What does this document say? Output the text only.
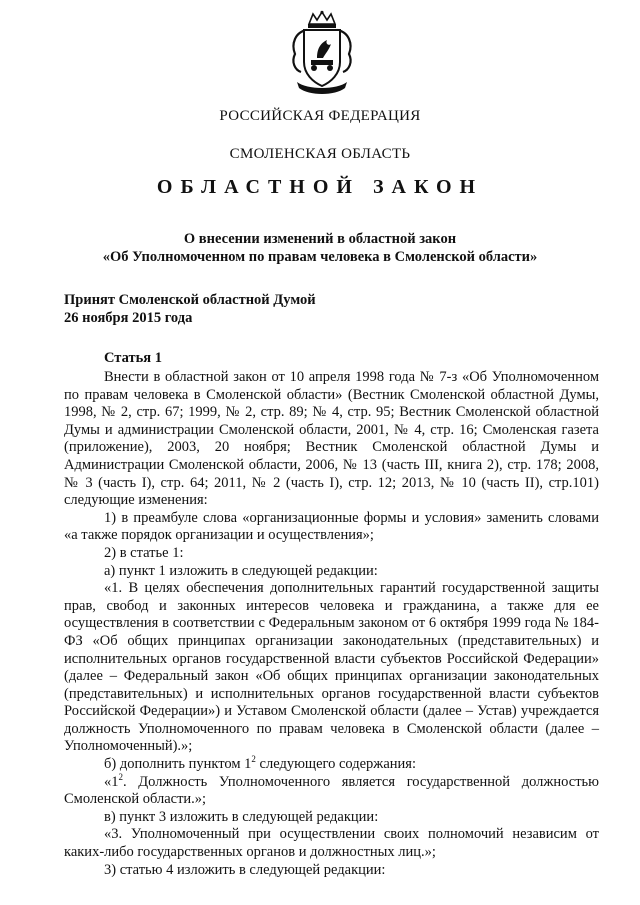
РОССИЙСКАЯ ФЕДЕРАЦИЯ
СМОЛЕНСКАЯ ОБЛАСТЬ
ОБЛАСТНОЙ ЗАКОН
О внесении изменений в областной закон
«Об Уполномоченном по правам человека в Смоленской области»
Принят Смоленской областной Думой
26 ноября 2015 года
Статья 1

Внести в областной закон от 10 апреля 1998 года № 7-з «Об Уполномоченном по правам человека в Смоленской области» (Вестник Смоленской областной Думы, 1998, № 2, стр. 67; 1999, № 2, стр. 89; № 4, стр. 95; Вестник Смоленской областной Думы и администрации Смоленской области, 2001, № 4, стр. 16; Смоленская газета (приложение), 2003, 20 ноября; Вестник Смоленской областной Думы и Администрации Смоленской области, 2006, № 13 (часть III, книга 2), стр. 178; 2008, № 3 (часть I), стр. 64; 2011, № 2 (часть I), стр. 12; 2013, № 10 (часть II), стр.101) следующие изменения:

1) в преамбуле слова «организационные формы и условия» заменить словами «а также порядок организации и осуществления»;

2) в статье 1:

а) пункт 1 изложить в следующей редакции:

«1. В целях обеспечения дополнительных гарантий государственной защиты прав, свобод и законных интересов человека и гражданина, а также для ее осуществления в соответствии с Федеральным законом от 6 октября 1999 года № 184-ФЗ «Об общих принципах организации законодательных (представительных) и исполнительных органов государственной власти субъектов Российской Федерации» (далее – Федеральный закон «Об общих принципах организации законодательных (представительных) и исполнительных органов государственной власти субъектов Российской Федерации») и Уставом Смоленской области (далее – Устав) учреждается должность Уполномоченного по правам человека в Смоленской области (далее – Уполномоченный).»;

б) дополнить пунктом $1^2$ следующего содержания:

«$1^2$. Должность Уполномоченного является государственной должностью Смоленской области.»;

в) пункт 3 изложить в следующей редакции:

«3. Уполномоченный при осуществлении своих полномочий независим от каких-либо государственных органов и должностных лиц.»;

3) статью 4 изложить в следующей редакции:
